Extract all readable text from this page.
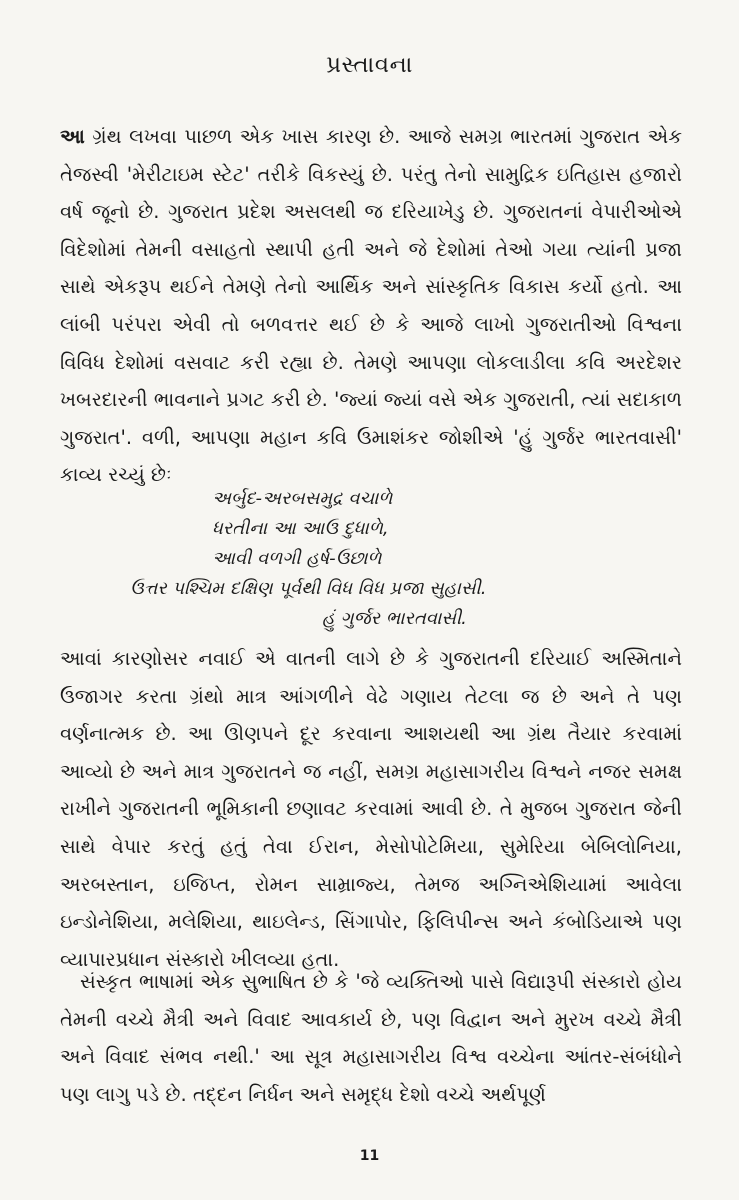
પ્રસ્તાવના
આ ગ્રંથ લખવા પાછળ એક ખાસ કારણ છે. આજે સમગ્ર ભારતમાં ગુજરાત એક તેજસ્વી 'મેરીટાઇમ સ્ટેટ' તરીકે વિકસ્યું છે. પરંતુ તેનો સામુદ્રિક ઇતિહાસ હજારો વર્ષ જૂનો છે. ગુજરાત પ્રદેશ અસલથી જ દરિયાખેડુ છે. ગુજરાતનાં વેપારીઓએ વિદેશોમાં તેમની વસાહતો સ્થાપી હતી અને જે દેશોમાં તેઓ ગયા ત્યાંની પ્રજા સાથે એકરૂપ થઈને તેમણે તેનો આર્થિક અને સાંસ્કૃતિક વિકાસ કર્યો હતો. આ લાંબી પરંપરા એવી તો બળવત્તર થઈ છે કે આજે લાખો ગુજરાતીઓ વિશ્વના વિવિધ દેશોમાં વસવાટ કરી રહ્યા છે. તેમણે આપણા લોકલાડીલા કવિ અરદેશર ખબરદારની ભાવનાને પ્રગટ કરી છે. 'જ્યાં જ્યાં વસે એક ગુજરાતી, ત્યાં સદાકાળ ગુજરાત'. વળી, આપણા મહાન કવિ ઉમાશંકર જોશીએ 'હું ગુર્જર ભારતવાસી' કાવ્ય રચ્યું છેઃ
અર્બુદ-અરબસમુદ્ર વચાળે
ધરતીના આ આઉ દુધાળે,
આવી વળગી હર્ષ-ઉછાળે
ઉત્તર પશ્ચિમ દક્ષિણ પૂર્વથી વિધ વિધ પ્રજા સુહાસી.
હું ગુર્જર ભારતવાસી.
આવાં કારણોસર નવાઈ એ વાતની લાગે છે કે ગુજરાતની દરિયાઈ અસ્મિતાને ઉજાગર કરતા ગ્રંથો માત્ર આંગળીને વેઢે ગણાય તેટલા જ છે અને તે પણ વર્ણનાત્મક છે. આ ઊણપને દૂર કરવાના આશયથી આ ગ્રંથ તૈયાર કરવામાં આવ્યો છે અને માત્ર ગુજરાતને જ નહીં, સમગ્ર મહાસાગરીય વિશ્વને નજર સમક્ષ રાખીને ગુજરાતની ભૂમિકાની છણાવટ કરવામાં આવી છે. તે મુજબ ગુજરાત જેની સાથે વેપાર કરતું હતું તેવા ઈરાન, મેસોપોટેમિયા, સુમેરિયા બેબિલોનિયા, અરબસ્તાન, ઇજિપ્ત, રોમન સામ્રાજ્ય, તેમજ અગ્નિએશિયામાં આવેલા ઇન્ડોનેશિયા, મલેશિયા, થાઇલેન્ડ, સિંગાપોર, ફિલિપીન્સ અને કંબોડિયાએ પણ વ્યાપારપ્રધાન સંસ્કારો ખીલવ્યા હતા.
સંસ્કૃત ભાષામાં એક સુભાષિત છે કે 'જે વ્યક્તિઓ પાસે વિદ્યારૂપી સંસ્કારો હોય તેમની વચ્ચે મૈત્રી અને વિવાદ આવકાર્ય છે, પણ વિદ્વાન અને મુરખ વચ્ચે મૈત્રી અને વિવાદ સંભવ નથી.' આ સૂત્ર મહાસાગરીય વિશ્વ વચ્ચેના આંતર-સંબંધોને પણ લાગુ પડે છે. તદ્દન નિર્ધન અને સમૃદ્ધ દેશો વચ્ચે અર્થપૂર્ણ
11
